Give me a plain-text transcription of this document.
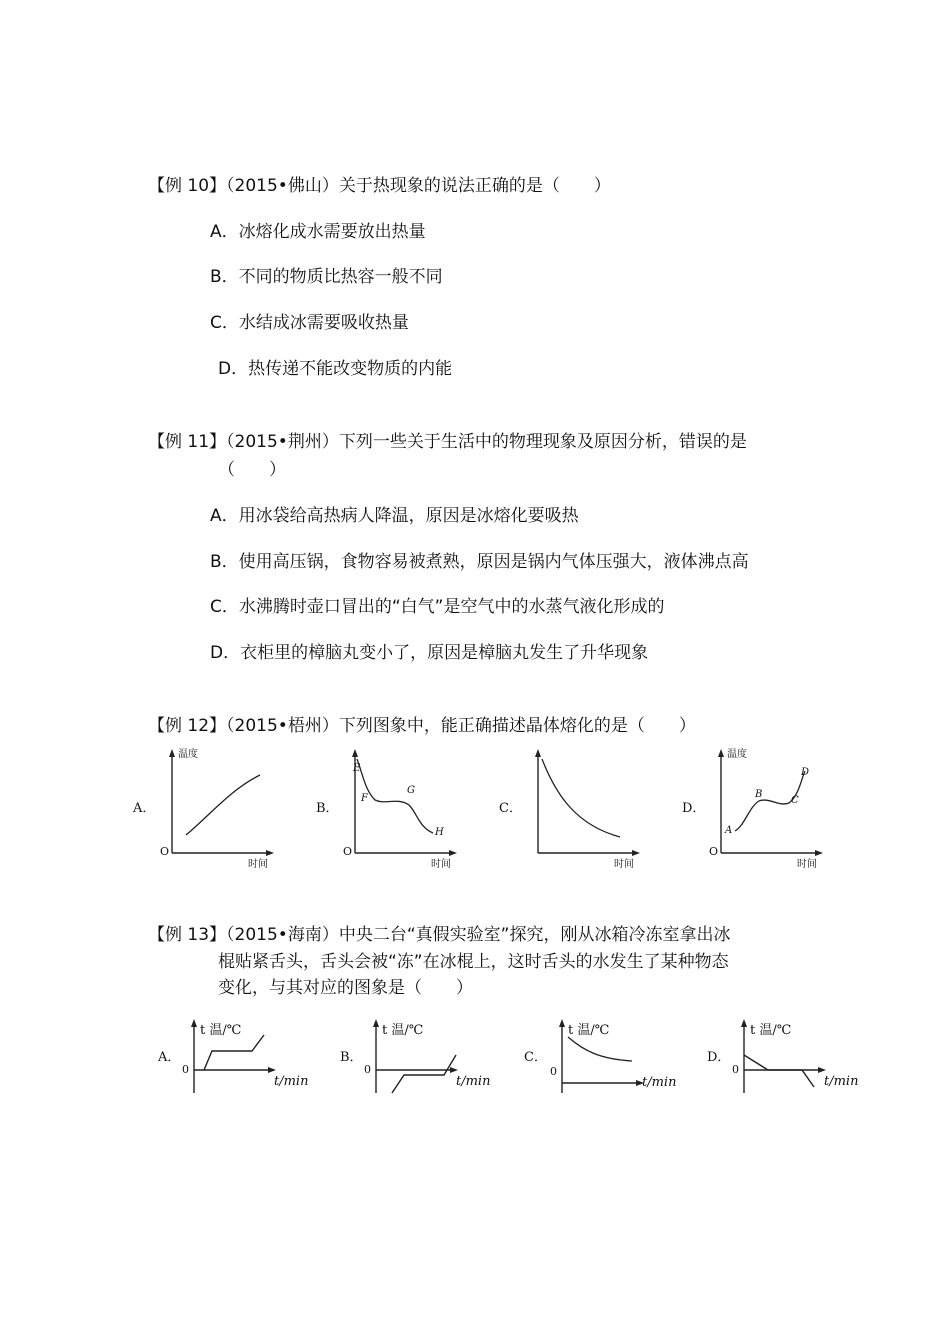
【例 10】（2015•佛山）关于热现象的说法正确的是（　　）
A．冰熔化成水需要放出热量
B．不同的物质比热容一般不同
C．水结成冰需要吸收热量
D．热传递不能改变物质的内能
【例 11】（2015•荆州）下列一些关于生活中的物理现象及原因分析，错误的是
（　　）
A．用冰袋给高热病人降温，原因是冰熔化要吸热
B．使用高压锅，食物容易被煮熟，原因是锅内气体压强大，液体沸点高
C．水沸腾时壶口冒出的“白气”是空气中的水蒸气液化形成的
D．衣柜里的樟脑丸变小了，原因是樟脑丸发生了升华现象
【例 12】（2015•梧州）下列图象中，能正确描述晶体熔化的是（　　）
A．
温度
时间
O
B．
E
F
G
H
时间
O
C．
时间
D．
温度
A
B
C
D
时间
O
【例 13】（2015•海南）中央二台“真假实验室”探究，刚从冰箱冷冻室拿出冰
棍贴紧舌头，舌头会被“冻”在冰棍上，这时舌头的水发生了某种物态
变化，与其对应的图象是（　　）
A．
t 温/℃
t/min
0
B．
t 温/℃
t/min
0
C．
t 温/℃
t/min
0
D．
t 温/℃
t/min
0
